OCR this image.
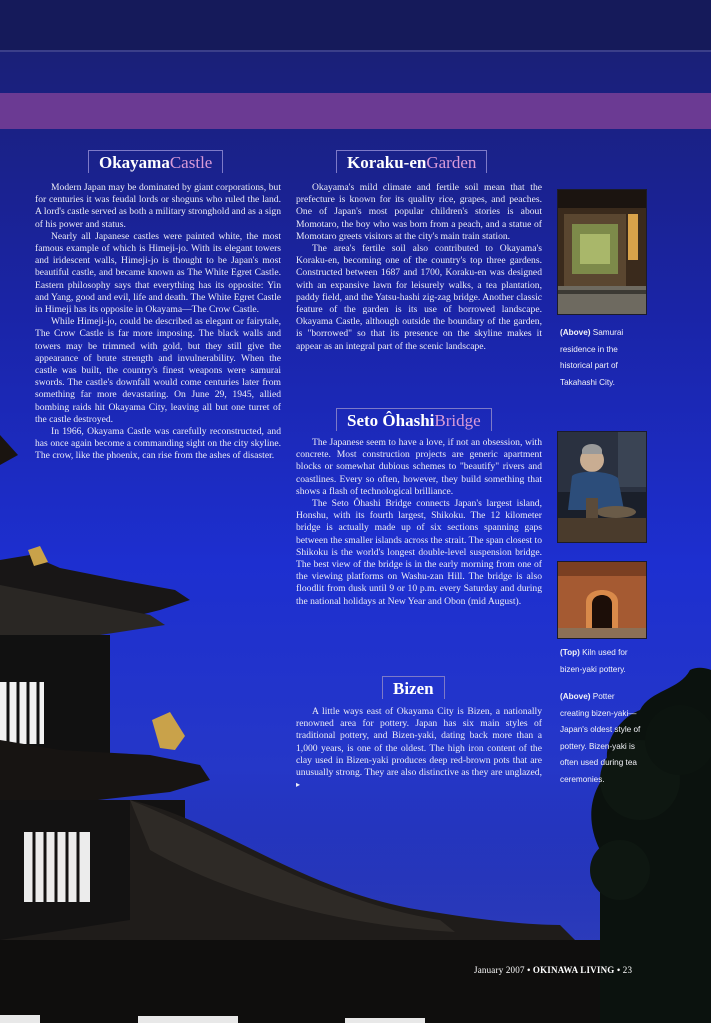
OkayamaCastle	Koraku-enGarden
Seto ÔhashiBridge
Bizen

Modern Japan may be dominated by giant corporations, but for centuries it was feudal lords or shoguns who ruled the land. A lord's castle served as both a military stronghold and as a sign of his power and status.

Nearly all Japanese castles were painted white, the most famous example of which is Himeji-jo. With its elegant towers and iridescent walls, Himeji-jo is thought to be Japan's most beautiful castle, and became known as The White Egret Castle. Eastern philosophy says that everything has its opposite: Yin and Yang, good and evil, life and death. The White Egret Castle in Himeji has its opposite in Okayama—The Crow Castle.

While Himeji-jo, could be described as elegant or fairytale, The Crow Castle is far more imposing. The black walls and towers may be trimmed with gold, but they still give the appearance of brute strength and invulnerability. When the castle was built, the country's finest weapons were samurai swords. The castle's downfall would come centuries later from something far more devastating. On June 29, 1945, allied bombing raids hit Okayama City, leaving all but one turret of the castle destroyed.

In 1966, Okayama Castle was carefully reconstructed, and has once again become a commanding sight on the city skyline. The crow, like the phoenix, can rise from the ashes of disaster.

Okayama's mild climate and fertile soil mean that the prefecture is known for its quality rice, grapes, and peaches. One of Japan's most popular children's stories is about Momotaro, the boy who was born from a peach, and a statue of Momotaro greets visitors at the city's main train station.

The area's fertile soil also contributed to Okayama's Koraku-en, becoming one of the country's top three gardens. Constructed between 1687 and 1700, Koraku-en was designed with an expansive lawn for leisurely walks, a tea plantation, paddy field, and the Yatsu-hashi zig-zag bridge. Another classic feature of the garden is its use of borrowed landscape. Okayama Castle, although outside the boundary of the garden, is "borrowed" so that its presence on the skyline makes it appear as an integral part of the scenic landscape.

The Japanese seem to have a love, if not an obsession, with concrete. Most construction projects are generic apartment blocks or somewhat dubious schemes to "beautify" rivers and coastlines. Every so often, however, they build something that shows a flash of technological brilliance.

The Seto Ôhashi Bridge connects Japan's largest island, Honshu, with its fourth largest, Shikoku. The 12 kilometer bridge is actually made up of six sections spanning gaps between the smaller islands across the strait. The span closest to Shikoku is the world's longest double-level suspension bridge. The best view of the bridge is in the early morning from one of the viewing platforms on Washu-zan Hill. The bridge is also floodlit from dusk until 9 or 10 p.m. every Saturday and during the national holidays at New Year and Obon (mid August).

A little ways east of Okayama City is Bizen, a nationally renowned area for pottery. Japan has six main styles of traditional pottery, and Bizen-yaki, dating back more than a 1,000 years, is one of the oldest. The high iron content of the clay used in Bizen-yaki produces deep red-brown pots that are unusually strong. They are also distinctive as they are unglazed, ▸

(Above) Samurai residence in the historical part of Takahashi City.
(Top) Kiln used for bizen-yaki pottery.
(Above) Potter creating bizen-yaki—Japan's oldest style of pottery. Bizen-yaki is often used during tea ceremonies.
January 2007 • OKINAWA LIVING • 23
